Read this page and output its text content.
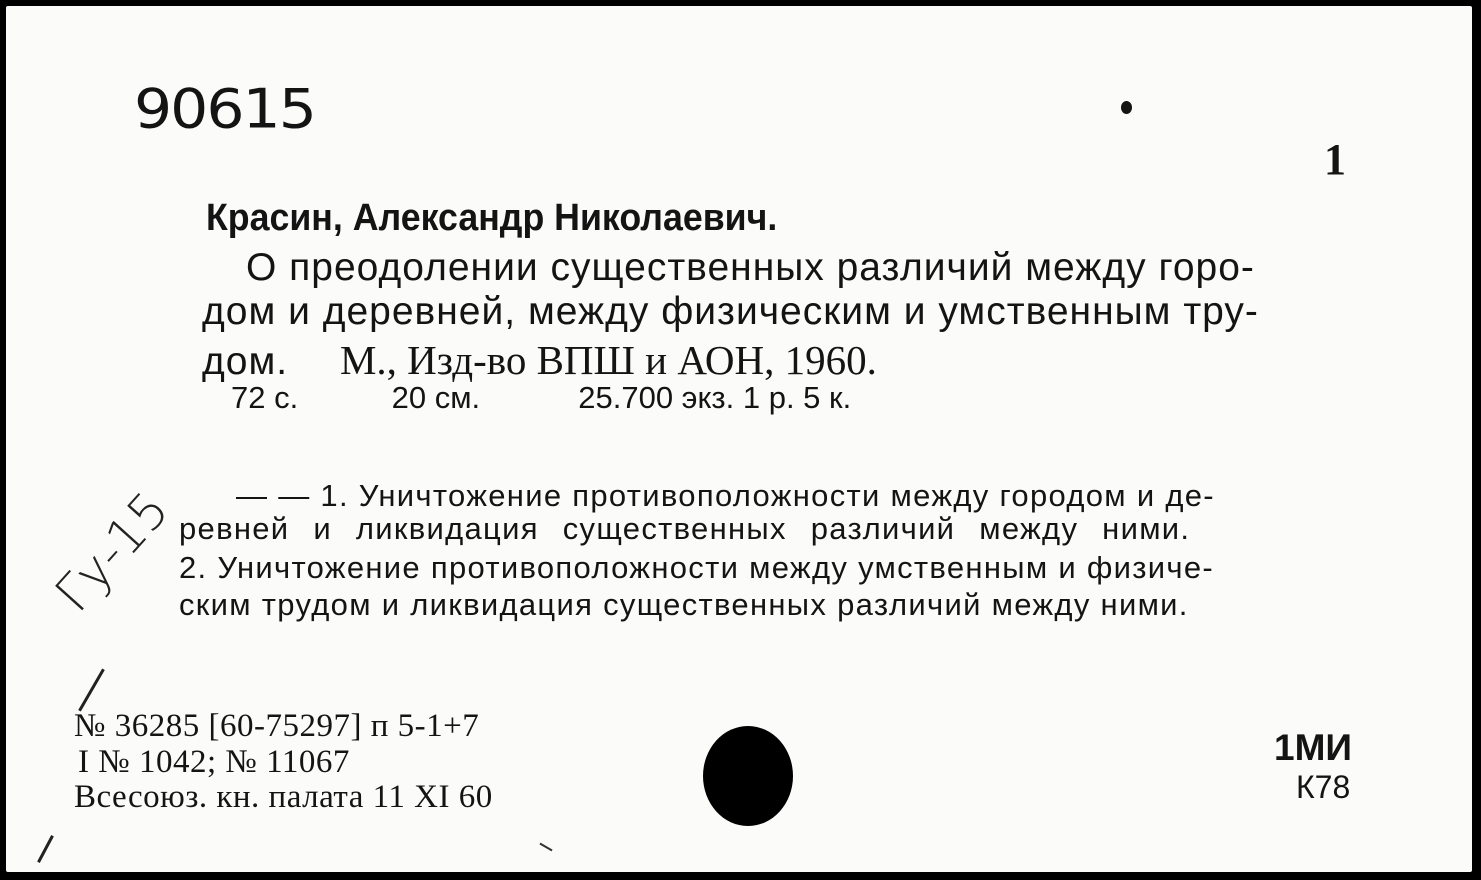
90615
1
Красин, Александр Николаевич.
О преодолении существенных различий между горо-
дом и деревней, между физическим и умственным тру-
дом. М., Изд-во ВПШ и АОН, 1960.
72 с.	20 см.	25.700 экз. 1 р. 5 к.
— — 1. Уничтожение противоположности между городом и де-
ревней и ликвидация существенных различий между ними.
2. Уничтожение противоположности между умственным и физиче-
ским трудом и ликвидация существенных различий между ними.
Гу-15
№ 36285 [60-75297] п 5-1+7
I № 1042; № 11067
Всесоюз. кн. палата 11 XI 60
1МИ
К78
